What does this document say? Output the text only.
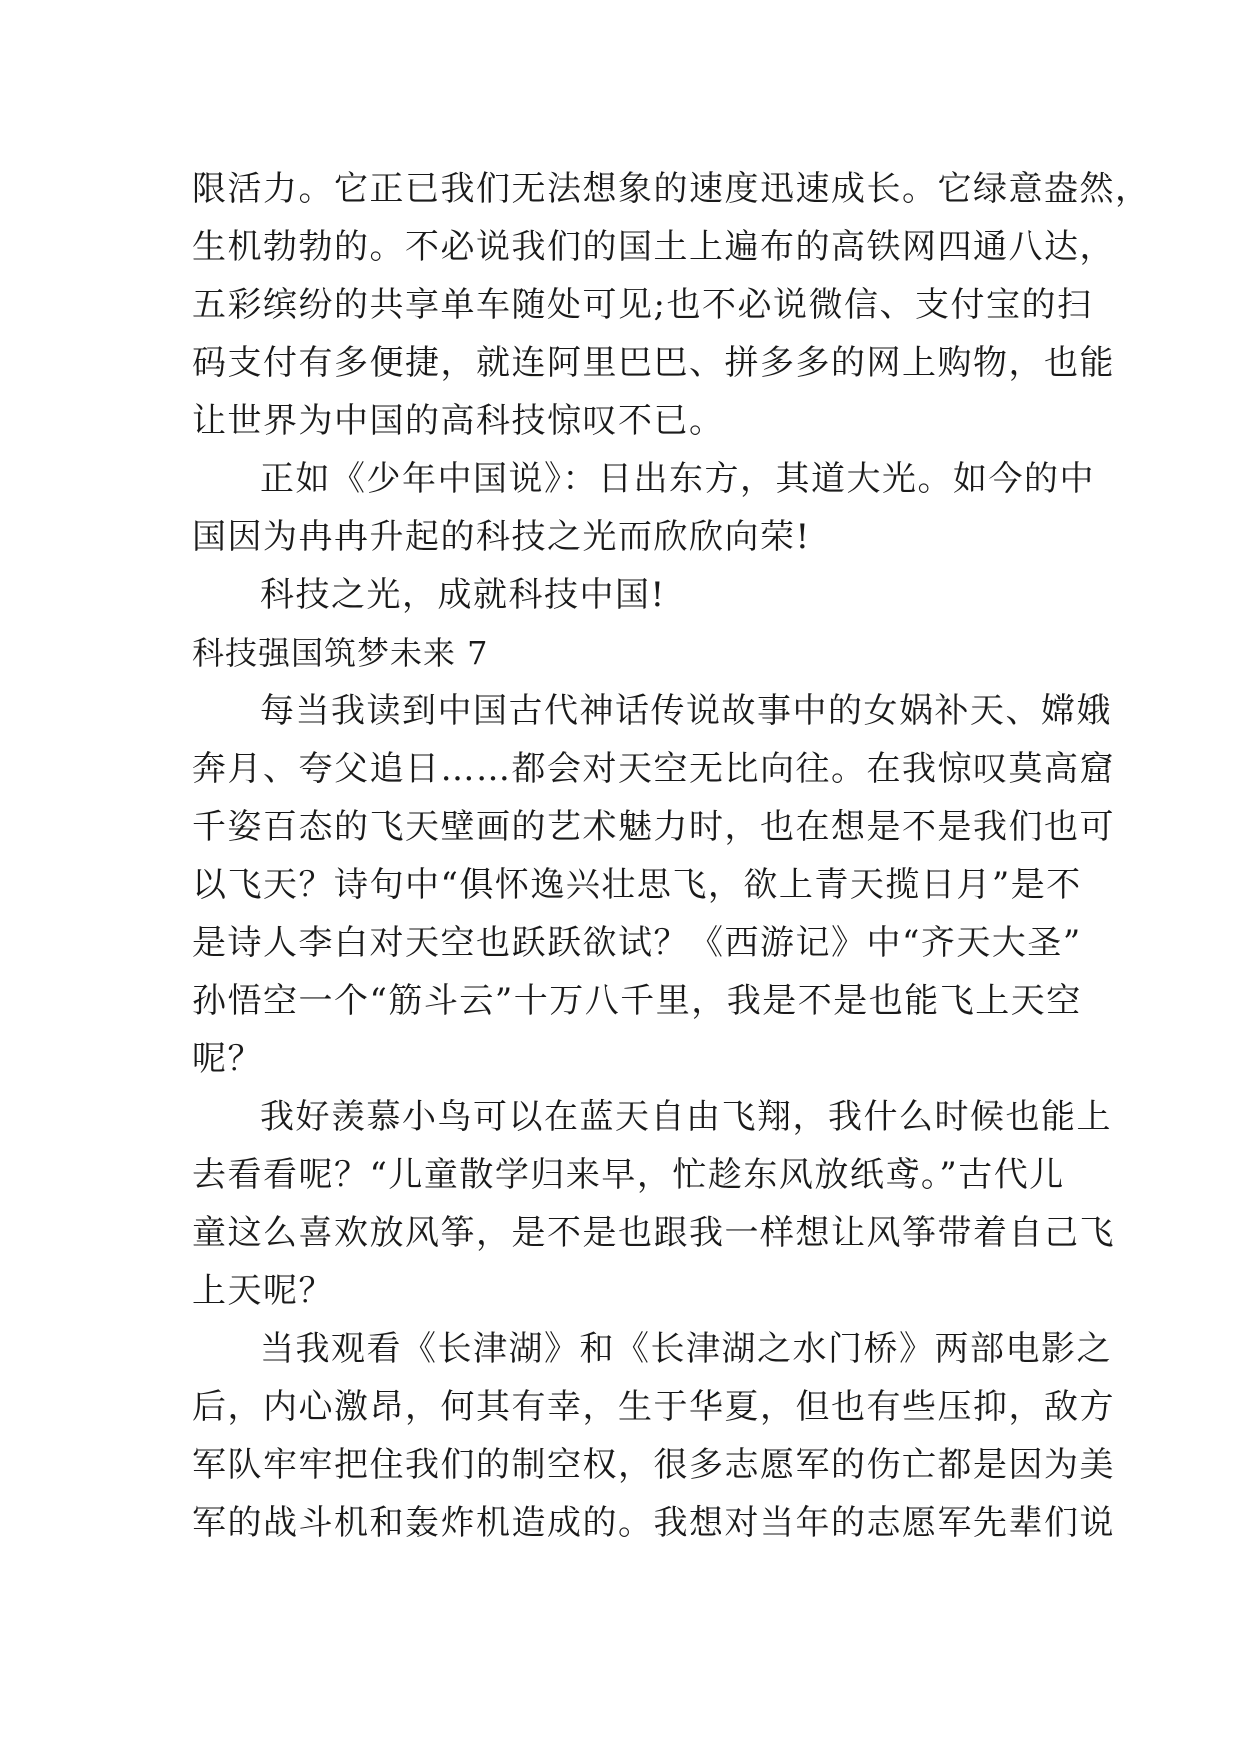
限活力。它正已我们无法想象的速度迅速成长。它绿意盎然，
生机勃勃的。不必说我们的国土上遍布的高铁网四通八达，
五彩缤纷的共享单车随处可见;也不必说微信、支付宝的扫
码支付有多便捷，就连阿里巴巴、拼多多的网上购物，也能
让世界为中国的高科技惊叹不已。
正如《少年中国说》：日出东方，其道大光。如今的中
国因为冉冉升起的科技之光而欣欣向荣!
科技之光，成就科技中国!
科技强国筑梦未来 7
每当我读到中国古代神话传说故事中的女娲补天、嫦娥
奔月、夸父追日……都会对天空无比向往。在我惊叹莫高窟
千姿百态的飞天壁画的艺术魅力时，也在想是不是我们也可
以飞天？诗句中“俱怀逸兴壮思飞，欲上青天揽日月”是不
是诗人李白对天空也跃跃欲试？《西游记》中“齐天大圣”
孙悟空一个“筋斗云”十万八千里，我是不是也能飞上天空
呢？
我好羡慕小鸟可以在蓝天自由飞翔，我什么时候也能上
去看看呢？“儿童散学归来早，忙趁东风放纸鸢。”古代儿
童这么喜欢放风筝，是不是也跟我一样想让风筝带着自己飞
上天呢？
当我观看《长津湖》和《长津湖之水门桥》两部电影之
后，内心激昂，何其有幸，生于华夏，但也有些压抑，敌方
军队牢牢把住我们的制空权，很多志愿军的伤亡都是因为美
军的战斗机和轰炸机造成的。我想对当年的志愿军先辈们说
